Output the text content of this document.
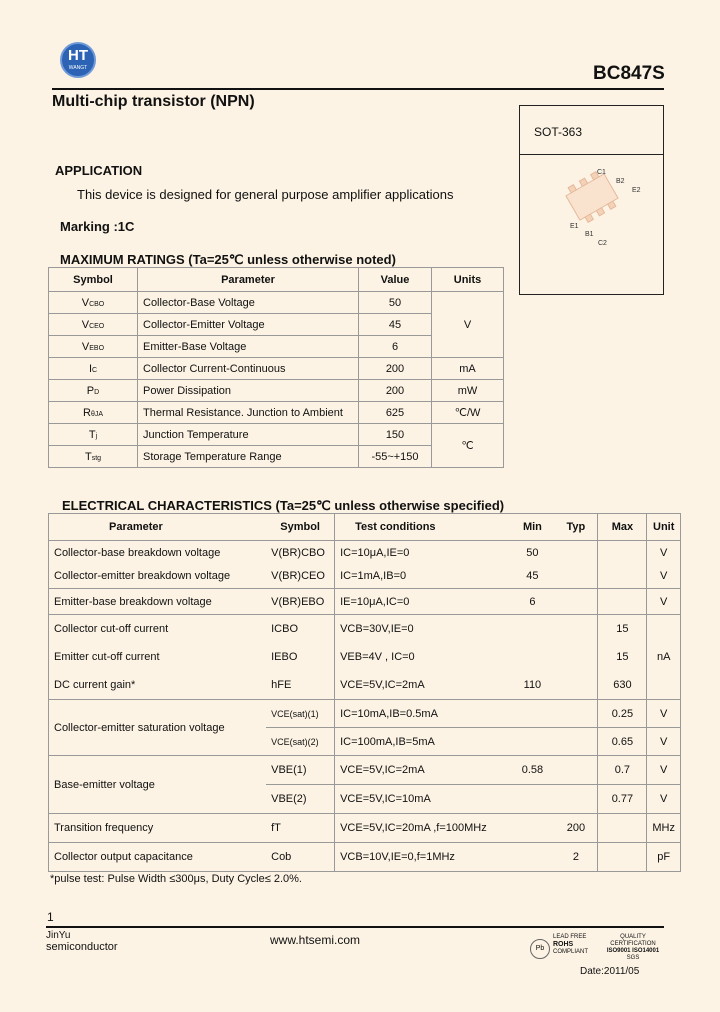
HT
WANGT	BC847S
Multi-chip transistor (NPN)
SOT-363
C1
B2
E2
E1
B1
C2
APPLICATION
This device is designed for general purpose amplifier applications
Marking :1C
MAXIMUM RATINGS (Ta=25℃ unless otherwise noted)
Symbol	Parameter	Value	Units
VCBO	Collector-Base Voltage	50	V
VCEO	Collector-Emitter Voltage	45	
VEBO	Emitter-Base Voltage	6	
IC	Collector Current-Continuous	200	mA
PD	Power Dissipation	200	mW
RθJA	Thermal Resistance. Junction to Ambient	625	℃/W
Tj	Junction Temperature	150	℃
Tstg	Storage Temperature Range	-55~+150	
ELECTRICAL CHARACTERISTICS (Ta=25℃ unless otherwise specified)
Parameter	Symbol	Test conditions	Min	Typ	Max	Unit
Collector-base breakdown voltage	V(BR)CBO	IC=10μA,IE=0	50			V
Collector-emitter breakdown voltage	V(BR)CEO	IC=1mA,IB=0	45			V
Emitter-base breakdown voltage	V(BR)EBO	IE=10μA,IC=0	6			V
Collector cut-off current	ICBO	VCB=30V,IE=0			15	nA
Emitter cut-off current	IEBO	VEB=4V , IC=0			15	
DC current gain*	hFE	VCE=5V,IC=2mA	110		630	
Collector-emitter saturation voltage	VCE(sat)(1)	IC=10mA,IB=0.5mA			0.25	V
	VCE(sat)(2)	IC=100mA,IB=5mA			0.65	V
Base-emitter voltage	VBE(1)	VCE=5V,IC=2mA	0.58		0.7	V
	VBE(2)	VCE=5V,IC=10mA			0.77	V
Transition frequency	fT	VCE=5V,IC=20mA ,f=100MHz		200		MHz
Collector output capacitance	Cob	VCB=10V,IE=0,f=1MHz		2		pF
*pulse test: Pulse Width ≤300μs, Duty Cycle≤ 2.0%.
1
JinYu
semiconductor	www.htsemi.com
Pb
LEAD FREE
ROHS
COMPLIANT
QUALITY CERTIFICATION
ISO9001 ISO14001
SGS
Date:2011/05
